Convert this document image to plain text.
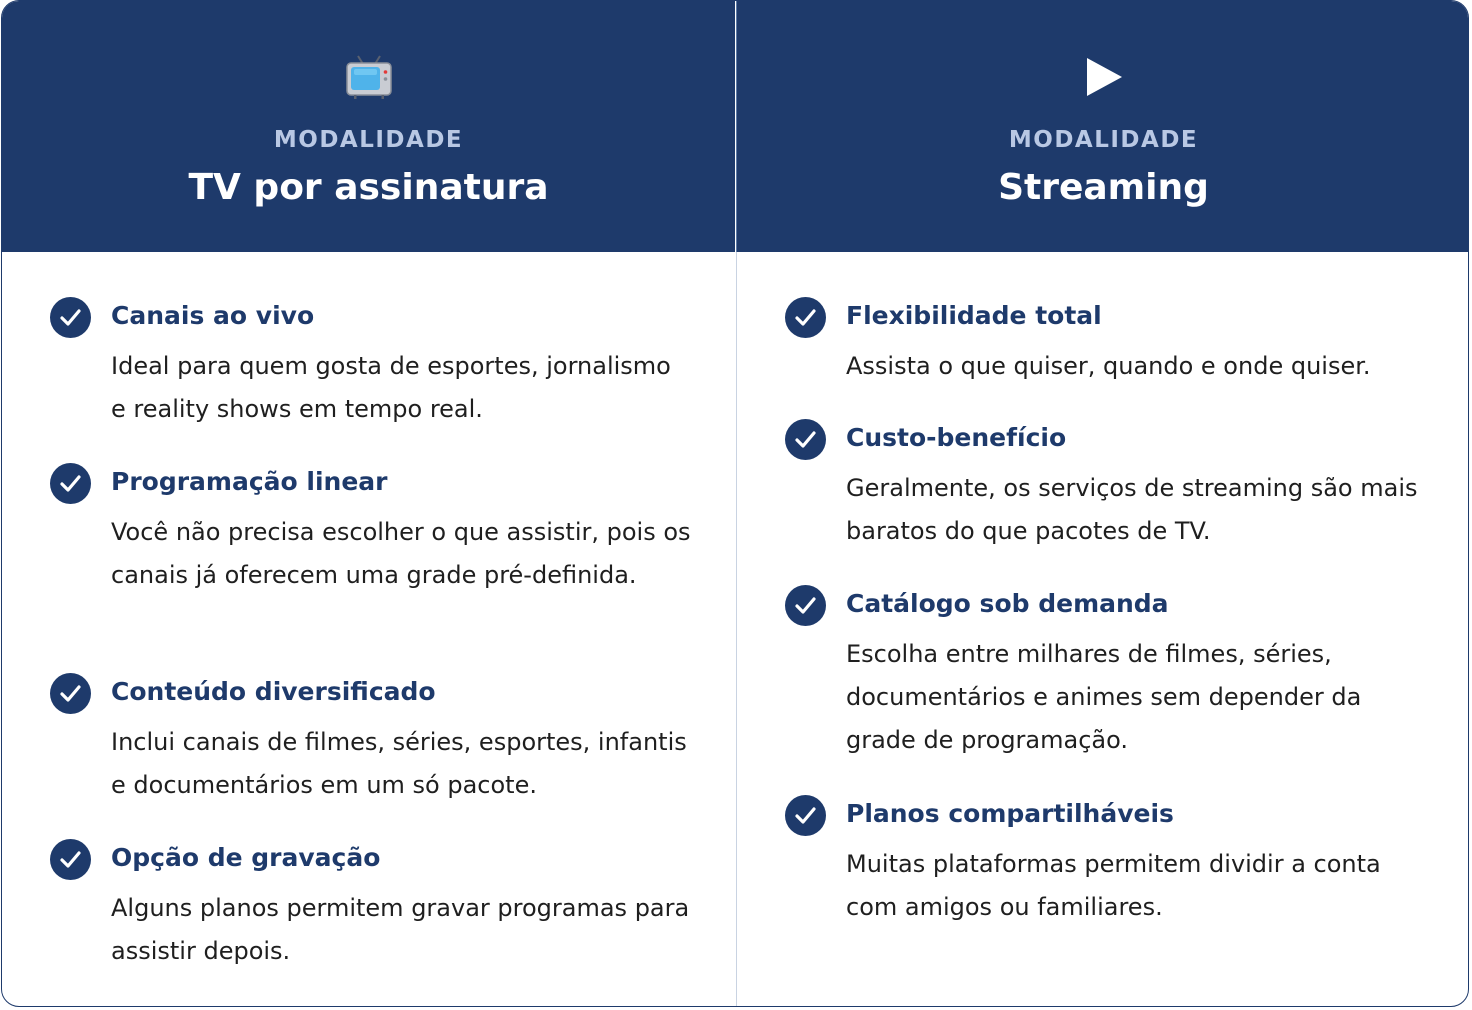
MODALIDADE
TV por assinatura
Canais ao vivo
Ideal para quem gosta de esportes, jornalismo e reality shows em tempo real.
Programação linear
Você não precisa escolher o que assistir, pois os canais já oferecem uma grade pré-definida.
Conteúdo diversificado
Inclui canais de filmes, séries, esportes, infantis e documentários em um só pacote.
Opção de gravação
Alguns planos permitem gravar programas para assistir depois.
MODALIDADE
Streaming
Flexibilidade total
Assista o que quiser, quando e onde quiser.
Custo-benefício
Geralmente, os serviços de streaming são mais baratos do que pacotes de TV.
Catálogo sob demanda
Escolha entre milhares de filmes, séries, documentários e animes sem depender da grade de programação.
Planos compartilháveis
Muitas plataformas permitem dividir a conta com amigos ou familiares.
